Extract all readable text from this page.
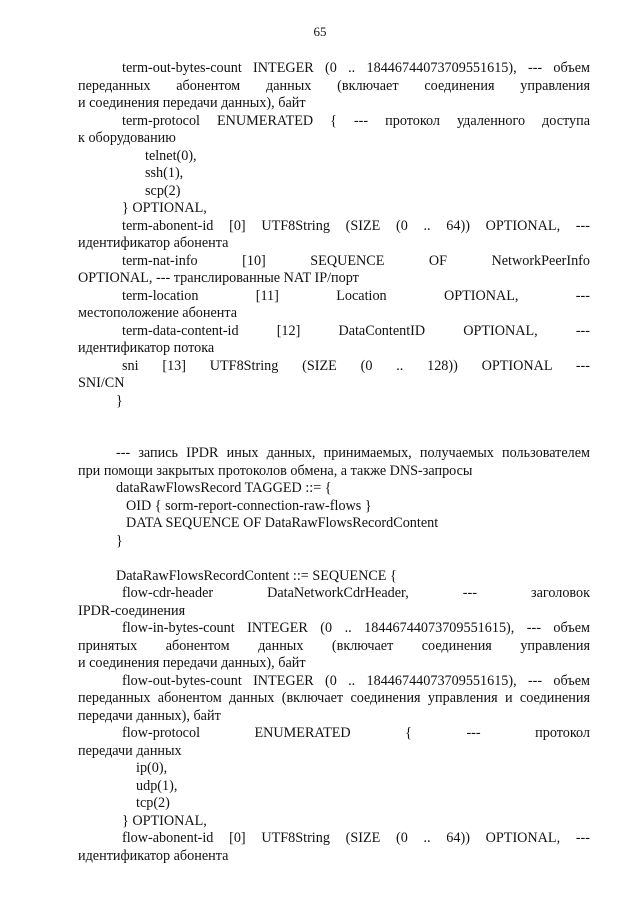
65
term-out-bytes-count INTEGER (0 .. 18446744073709551615), --- объем
переданных абонентом данных (включает соединения управления
и соединения передачи данных), байт
term-protocol ENUMERATED { --- протокол удаленного доступа
к оборудованию
telnet(0),
ssh(1),
scp(2)
} OPTIONAL,
term-abonent-id [0] UTF8String (SIZE (0 .. 64)) OPTIONAL, ---
идентификатор абонента
term-nat-info [10] SEQUENCE OF NetworkPeerInfo
OPTIONAL, --- транслированные NAT IP/порт
term-location [11] Location OPTIONAL, ---
местоположение абонента
term-data-content-id [12] DataContentID OPTIONAL, ---
идентификатор потока
sni [13] UTF8String (SIZE (0 .. 128)) OPTIONAL ---
SNI/CN
}
--- запись IPDR иных данных, принимаемых, получаемых пользователем
при помощи закрытых протоколов обмена, а также DNS-запросы
dataRawFlowsRecord TAGGED ::= {
OID { sorm-report-connection-raw-flows }
DATA SEQUENCE OF DataRawFlowsRecordContent
}
DataRawFlowsRecordContent ::= SEQUENCE {
flow-cdr-header DataNetworkCdrHeader, --- заголовок
IPDR-соединения
flow-in-bytes-count INTEGER (0 .. 18446744073709551615), --- объем
принятых абонентом данных (включает соединения управления
и соединения передачи данных), байт
flow-out-bytes-count INTEGER (0 .. 18446744073709551615), --- объем
переданных абонентом данных (включает соединения управления и соединения
передачи данных), байт
flow-protocol ENUMERATED { --- протокол
передачи данных
ip(0),
udp(1),
tcp(2)
} OPTIONAL,
flow-abonent-id [0] UTF8String (SIZE (0 .. 64)) OPTIONAL, ---
идентификатор абонента
